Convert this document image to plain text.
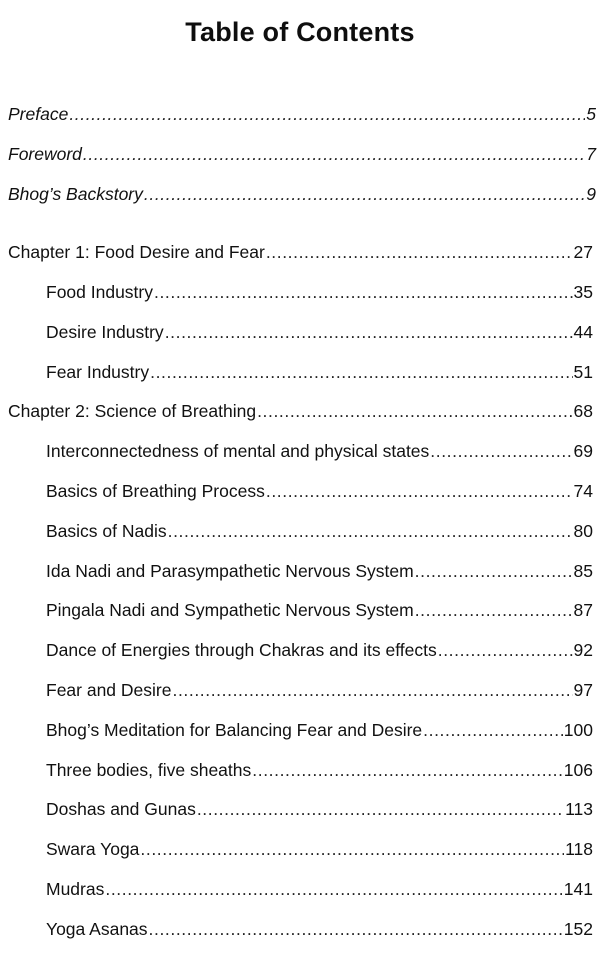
Table of Contents
Preface .....	5
Foreword .....	7
Bhog’s Backstory .....	9
Chapter 1: Food Desire and Fear .....	27
Food Industry .....	35
Desire Industry .....	44
Fear Industry .....	51
Chapter 2: Science of Breathing .....	68
Interconnectedness of mental and physical states .....	69
Basics of Breathing Process .....	74
Basics of Nadis .....	80
Ida Nadi and Parasympathetic Nervous System .....	85
Pingala Nadi and Sympathetic Nervous System .....	87
Dance of Energies through Chakras and its effects .....	92
Fear and Desire .....	97
Bhog’s Meditation for Balancing Fear and Desire .....	100
Three bodies, five sheaths .....	106
Doshas and Gunas .....	113
Swara Yoga .....	118
Mudras .....	141
Yoga Asanas .....	152
